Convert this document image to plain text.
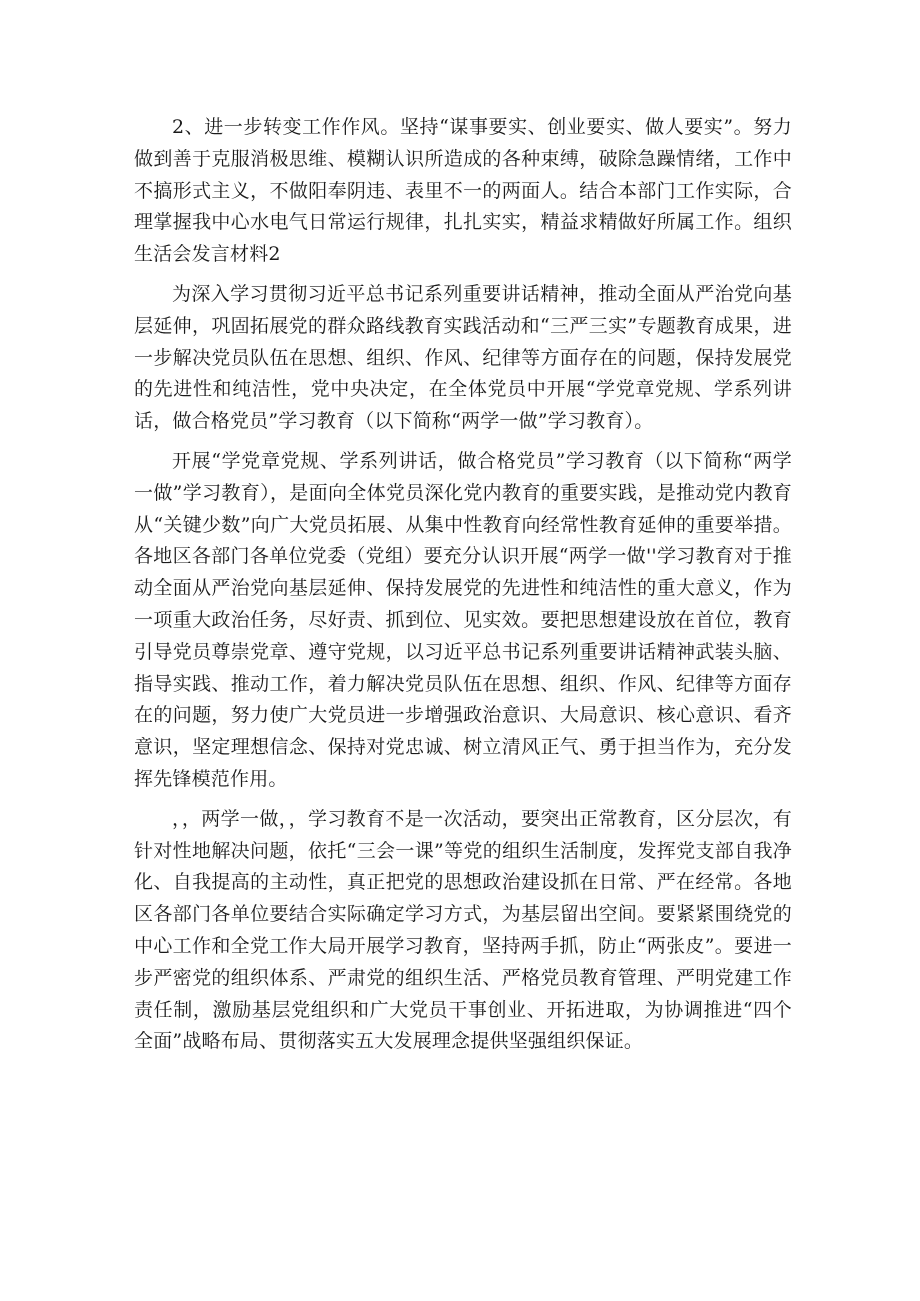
2、进一步转变工作作风。坚持“谋事要实、创业要实、做人要实”。努力做到善于克服消极思维、模糊认识所造成的各种束缚，破除急躁情绪，工作中不搞形式主义，不做阳奉阴违、表里不一的两面人。结合本部门工作实际，合理掌握我中心水电气日常运行规律，扎扎实实，精益求精做好所属工作。组织生活会发言材料2

为深入学习贯彻习近平总书记系列重要讲话精神，推动全面从严治党向基层延伸，巩固拓展党的群众路线教育实践活动和“三严三实”专题教育成果，进一步解决党员队伍在思想、组织、作风、纪律等方面存在的问题，保持发展党的先进性和纯洁性，党中央决定，在全体党员中开展“学党章党规、学系列讲话，做合格党员”学习教育（以下简称“两学一做”学习教育）。

开展“学党章党规、学系列讲话，做合格党员”学习教育（以下简称“两学一做”学习教育），是面向全体党员深化党内教育的重要实践，是推动党内教育从“关键少数”向广大党员拓展、从集中性教育向经常性教育延伸的重要举措。各地区各部门各单位党委（党组）要充分认识开展“两学一做''学习教育对于推动全面从严治党向基层延伸、保持发展党的先进性和纯洁性的重大意义，作为一项重大政治任务，尽好责、抓到位、见实效。要把思想建设放在首位，教育引导党员尊崇党章、遵守党规，以习近平总书记系列重要讲话精神武装头脑、指导实践、推动工作，着力解决党员队伍在思想、组织、作风、纪律等方面存在的问题，努力使广大党员进一步增强政治意识、大局意识、核心意识、看齐意识，坚定理想信念、保持对党忠诚、树立清风正气、勇于担当作为，充分发挥先锋模范作用。

，，两学一做，，学习教育不是一次活动，要突出正常教育，区分层次，有针对性地解决问题，依托“三会一课”等党的组织生活制度，发挥党支部自我净化、自我提高的主动性，真正把党的思想政治建设抓在日常、严在经常。各地区各部门各单位要结合实际确定学习方式，为基层留出空间。要紧紧围绕党的中心工作和全党工作大局开展学习教育，坚持两手抓，防止“两张皮”。要进一步严密党的组织体系、严肃党的组织生活、严格党员教育管理、严明党建工作责任制，激励基层党组织和广大党员干事创业、开拓进取，为协调推进“四个全面”战略布局、贯彻落实五大发展理念提供坚强组织保证。
